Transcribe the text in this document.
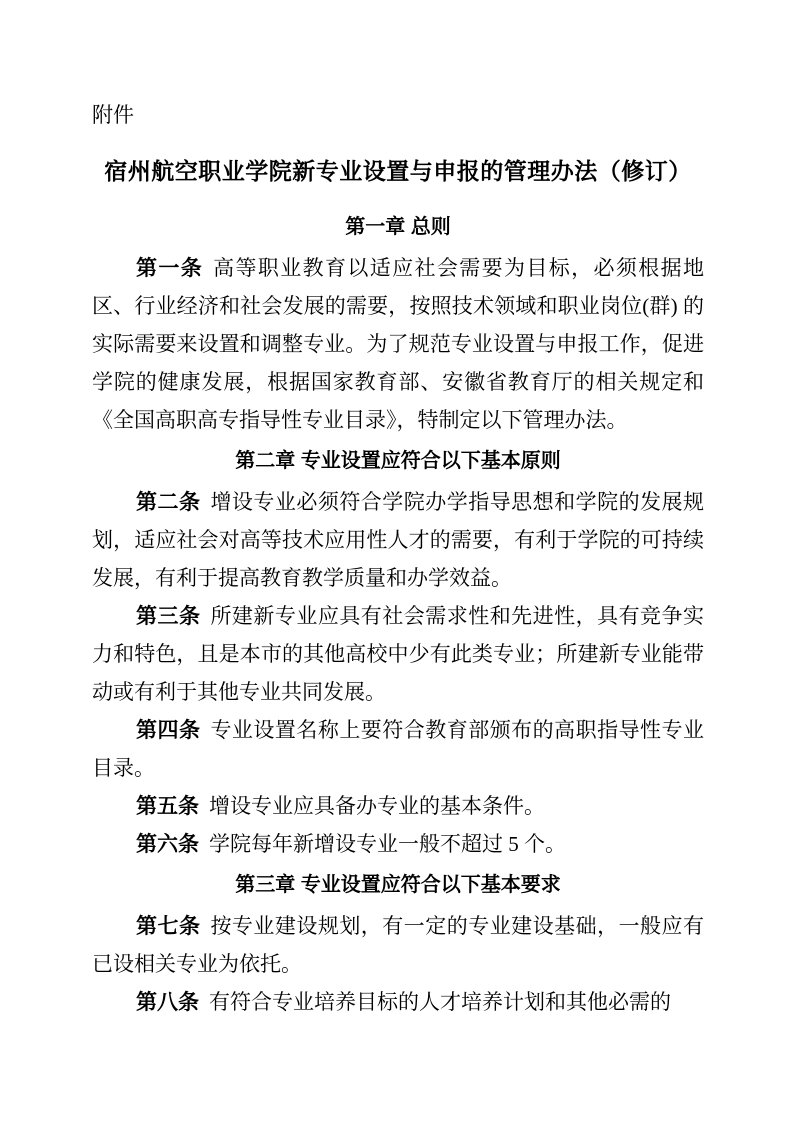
附件
宿州航空职业学院新专业设置与申报的管理办法（修订）
第一章 总则

第一条 高等职业教育以适应社会需要为目标，必须根据地区、行业经济和社会发展的需要，按照技术领域和职业岗位(群) 的实际需要来设置和调整专业。为了规范专业设置与申报工作，促进学院的健康发展，根据国家教育部、安徽省教育厅的相关规定和《全国高职高专指导性专业目录》，特制定以下管理办法。

第二章 专业设置应符合以下基本原则

第二条 增设专业必须符合学院办学指导思想和学院的发展规划，适应社会对高等技术应用性人才的需要，有利于学院的可持续发展，有利于提高教育教学质量和办学效益。

第三条 所建新专业应具有社会需求性和先进性，具有竞争实力和特色，且是本市的其他高校中少有此类专业；所建新专业能带动或有利于其他专业共同发展。

第四条 专业设置名称上要符合教育部颁布的高职指导性专业目录。

第五条 增设专业应具备办专业的基本条件。

第六条 学院每年新增设专业一般不超过 5 个。

第三章 专业设置应符合以下基本要求

第七条 按专业建设规划，有一定的专业建设基础，一般应有已设相关专业为依托。

第八条 有符合专业培养目标的人才培养计划和其他必需的
